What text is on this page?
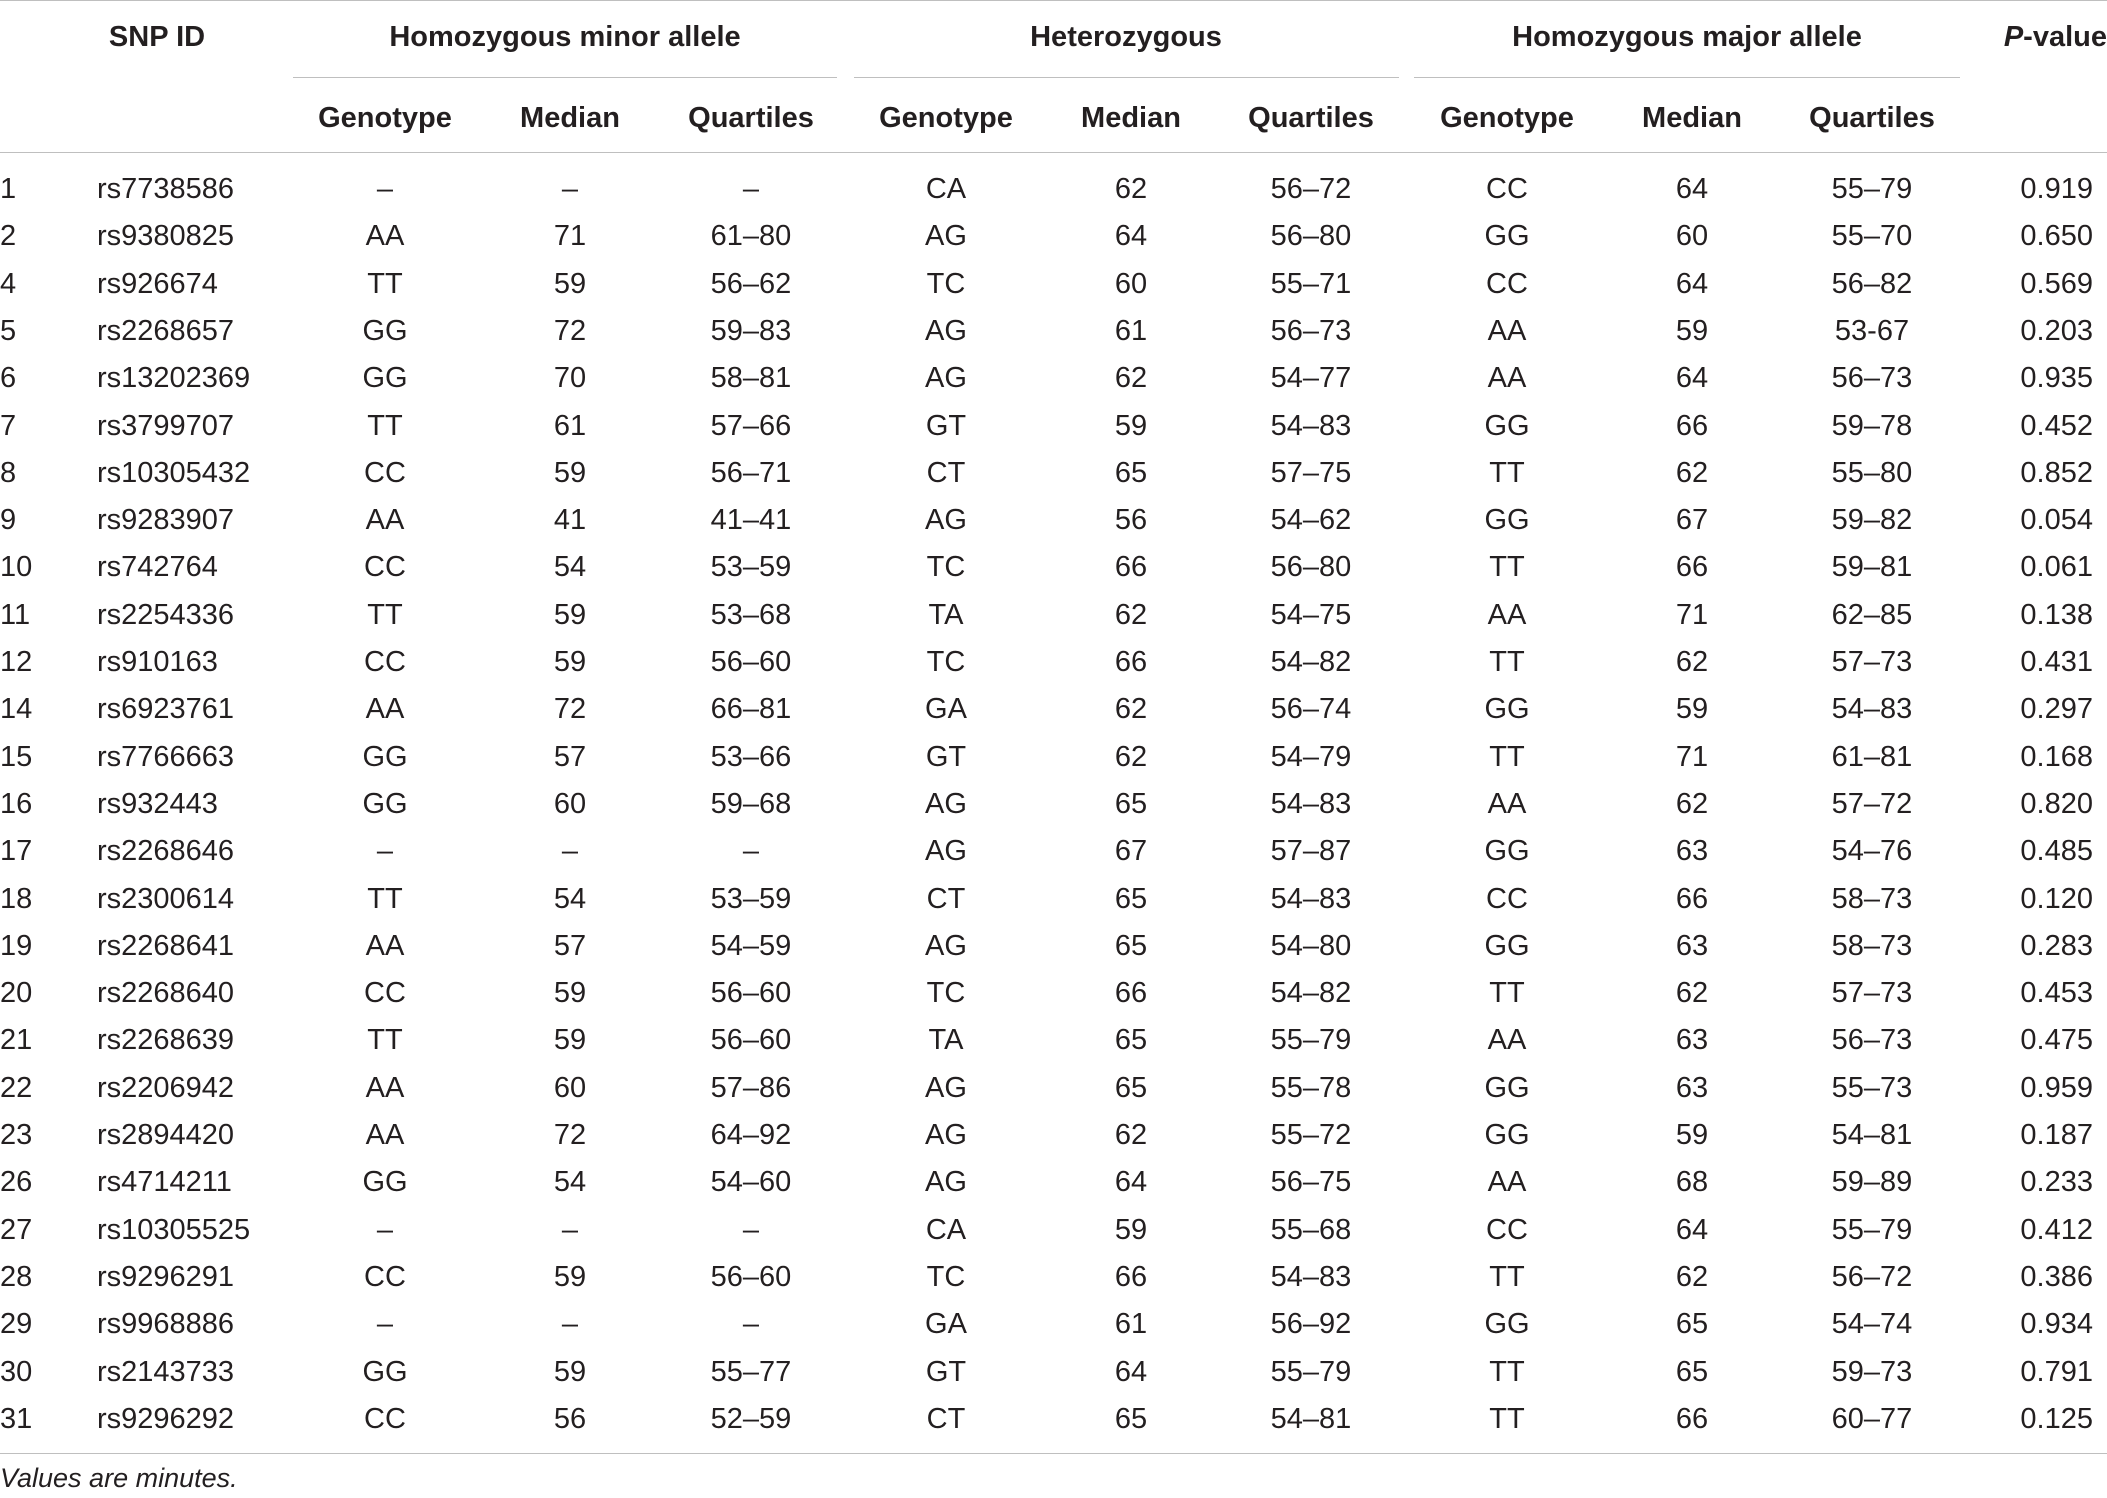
SNP ID	Homozygous minor allele	Heterozygous	Homozygous major allele	P-value
Genotype Median Quartiles Genotype Median Quartiles Genotype Median Quartiles
1	rs7738586	–	–	–	CA	62	56–72	CC	64	55–79	0.919
2	rs9380825	AA	71	61–80	AG	64	56–80	GG	60	55–70	0.650
4	rs926674	TT	59	56–62	TC	60	55–71	CC	64	56–82	0.569
5	rs2268657	GG	72	59–83	AG	61	56–73	AA	59	53-67	0.203
6	rs13202369	GG	70	58–81	AG	62	54–77	AA	64	56–73	0.935
7	rs3799707	TT	61	57–66	GT	59	54–83	GG	66	59–78	0.452
8	rs10305432	CC	59	56–71	CT	65	57–75	TT	62	55–80	0.852
9	rs9283907	AA	41	41–41	AG	56	54–62	GG	67	59–82	0.054
10 rs742764	CC	54	53–59	TC	66	56–80	TT	66	59–81	0.061
11 rs2254336	TT	59	53–68	TA	62	54–75	AA	71	62–85	0.138
12 rs910163	CC	59	56–60	TC	66	54–82	TT	62	57–73	0.431
14 rs6923761	AA	72	66–81	GA	62	56–74	GG	59	54–83	0.297
15 rs7766663	GG	57	53–66	GT	62	54–79	TT	71	61–81	0.168
16 rs932443	GG	60	59–68	AG	65	54–83	AA	62	57–72	0.820
17 rs2268646	–	–	–	AG	67	57–87	GG	63	54–76	0.485
18 rs2300614	TT	54	53–59	CT	65	54–83	CC	66	58–73	0.120
19 rs2268641	AA	57	54–59	AG	65	54–80	GG	63	58–73	0.283
20 rs2268640	CC	59	56–60	TC	66	54–82	TT	62	57–73	0.453
21 rs2268639	TT	59	56–60	TA	65	55–79	AA	63	56–73	0.475
22 rs2206942	AA	60	57–86	AG	65	55–78	GG	63	55–73	0.959
23 rs2894420	AA	72	64–92	AG	62	55–72	GG	59	54–81	0.187
26 rs4714211	GG	54	54–60	AG	64	56–75	AA	68	59–89	0.233
27 rs10305525	–	–	–	CA	59	55–68	CC	64	55–79	0.412
28 rs9296291	CC	59	56–60	TC	66	54–83	TT	62	56–72	0.386
29 rs9968886	–	–	–	GA	61	56–92	GG	65	54–74	0.934
30 rs2143733	GG	59	55–77	GT	64	55–79	TT	65	59–73	0.791
31 rs9296292	CC	56	52–59	CT	65	54–81	TT	66	60–77	0.125
Values are minutes.
